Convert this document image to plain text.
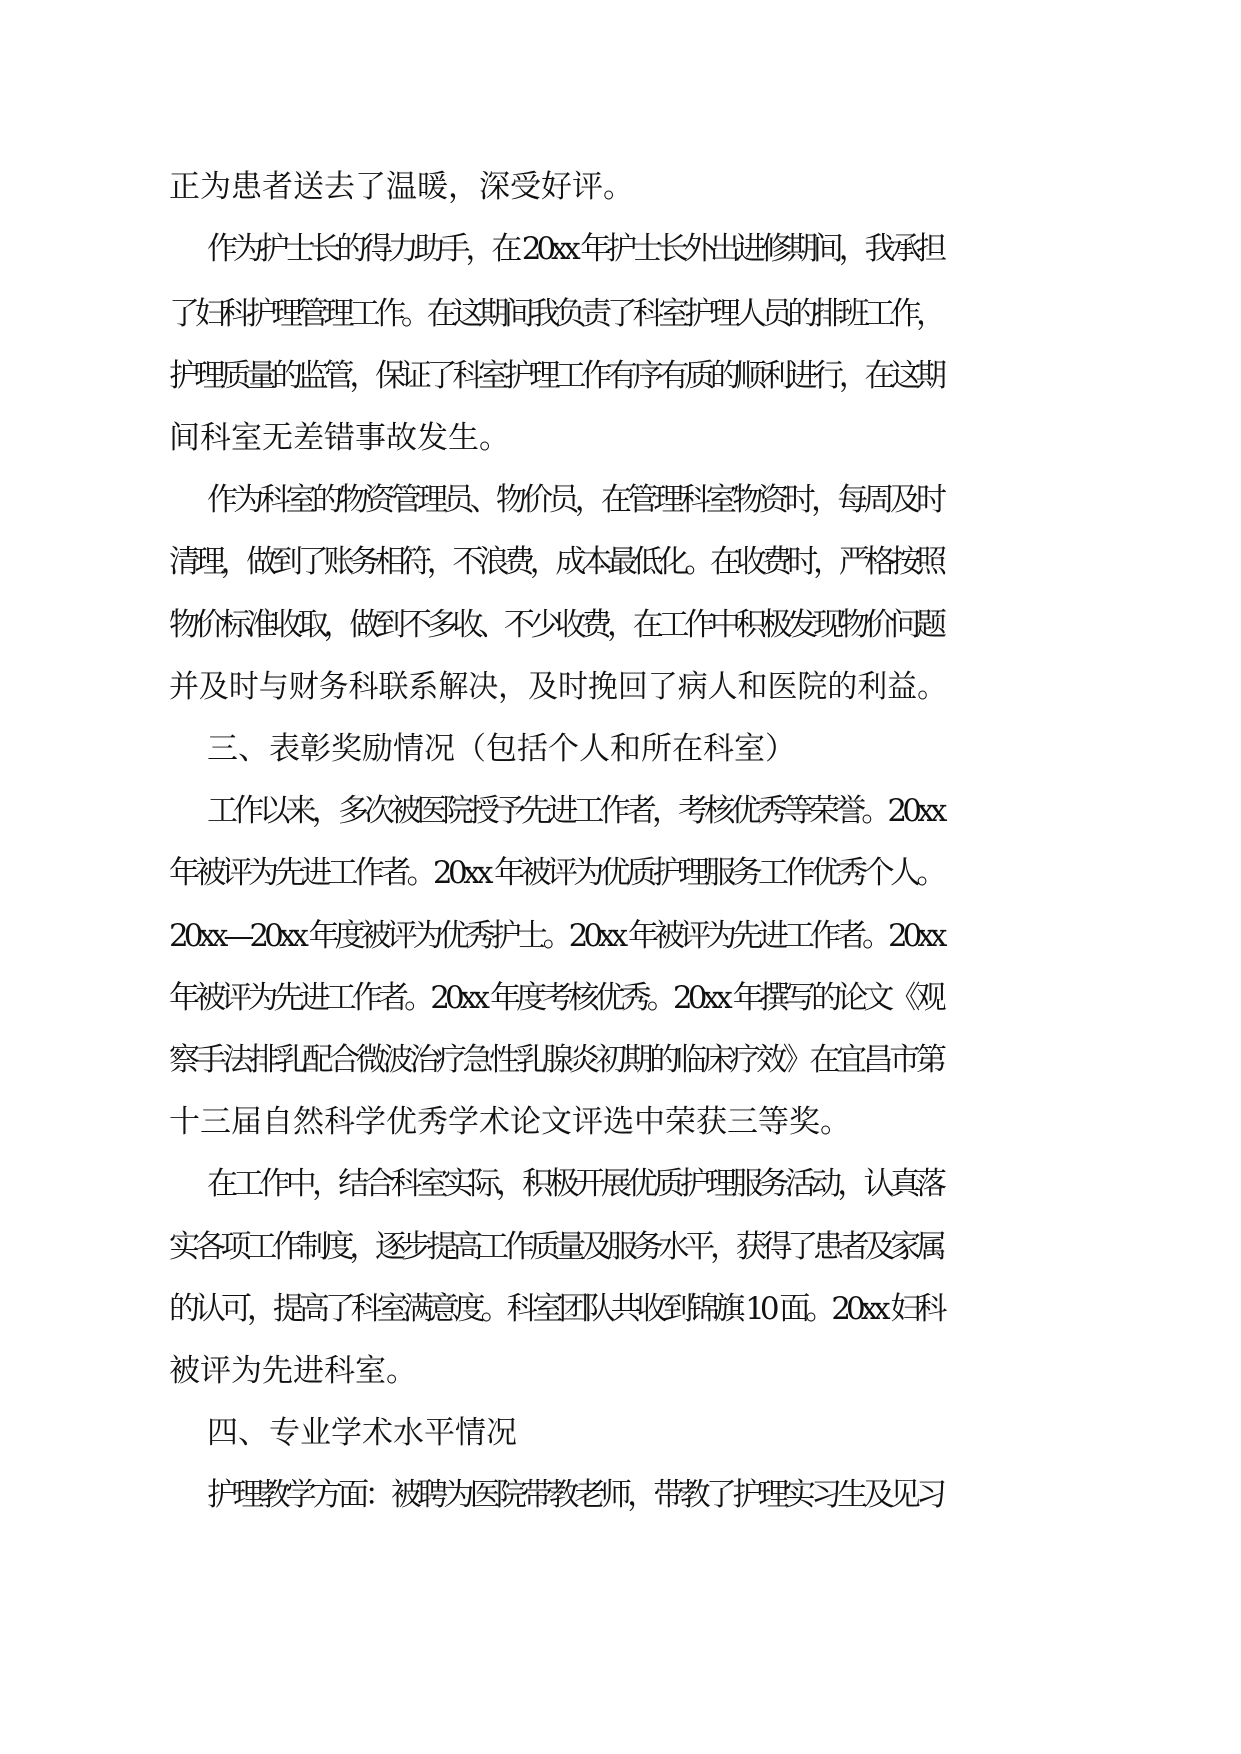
正为患者送去了温暖，深受好评。

作为护士长的得力助手，在 20xx 年护士长外出进修期间，我承担

了妇科护理管理工作。在这期间我负责了科室护理人员的排班工作，

护理质量的监管，保证了科室护理工作有序有质的顺利进行，在这期

间科室无差错事故发生。

作为科室的物资管理员、物价员，在管理科室物资时，每周及时

清理，做到了账务相符，不浪费，成本最低化。在收费时，严格按照

物价标准收取，做到不多收、不少收费，在工作中积极发现物价问题

并及时与财务科联系解决，及时挽回了病人和医院的利益。

三、表彰奖励情况（包括个人和所在科室）

工作以来，多次被医院授予先进工作者，考核优秀等荣誉。20xx

年被评为先进工作者。20xx 年被评为优质护理服务工作优秀个人。

20xx—20xx 年度被评为优秀护士。20xx 年被评为先进工作者。20xx

年被评为先进工作者。20xx 年度考核优秀。20xx 年撰写的论文《观

察手法排乳配合微波治疗急性乳腺炎初期的临床疗效》在宜昌市第

十三届自然科学优秀学术论文评选中荣获三等奖。

在工作中，结合科室实际，积极开展优质护理服务活动，认真落

实各项工作制度，逐步提高工作质量及服务水平，获得了患者及家属

的认可，提高了科室满意度。科室团队共收到锦旗 10 面。20xx 妇科

被评为先进科室。

四、专业学术水平情况

护理教学方面：被聘为医院带教老师，带教了护理实习生及见习
